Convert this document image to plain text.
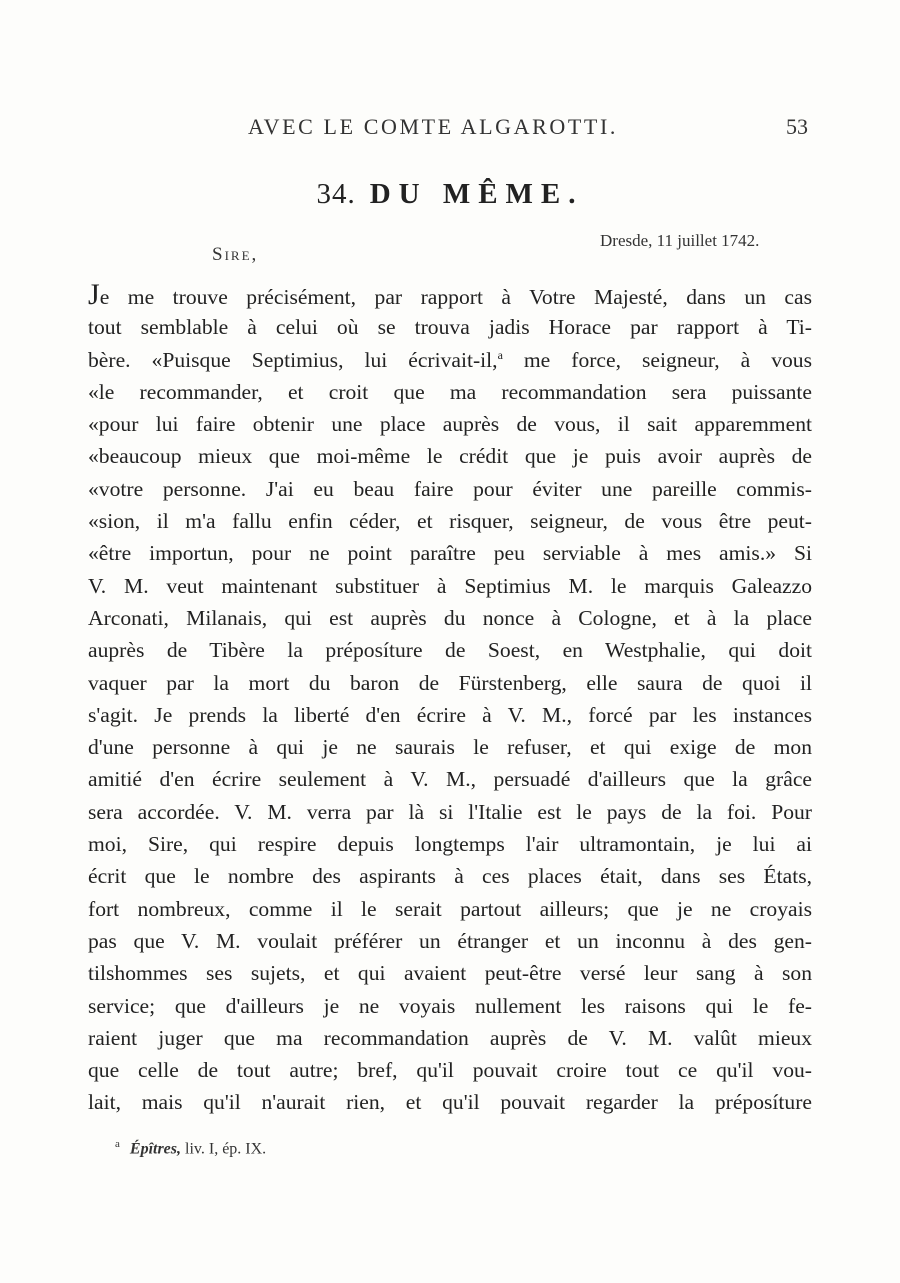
AVEC LE COMTE ALGAROTTI.	53
34. DU MÊME.
Dresde, 11 juillet 1742.
Sire,
Je me trouve précisément, par rapport à Votre Majesté, dans un cas
tout semblable à celui où se trouva jadis Horace par rapport à Ti-
bère. «Puisque Septimius, lui écrivait-il,$^a$ me force, seigneur, à vous
«le recommander, et croit que ma recommandation sera puissante
«pour lui faire obtenir une place auprès de vous, il sait apparemment
«beaucoup mieux que moi-même le crédit que je puis avoir auprès de
«votre personne. J'ai eu beau faire pour éviter une pareille commis-
«sion, il m'a fallu enfin céder, et risquer, seigneur, de vous être peut-
«être importun, pour ne point paraître peu serviable à mes amis.» Si
V. M. veut maintenant substituer à Septimius M. le marquis Galeazzo
Arconati, Milanais, qui est auprès du nonce à Cologne, et à la place
auprès de Tibère la préposíture de Soest, en Westphalie, qui doit
vaquer par la mort du baron de Fürstenberg, elle saura de quoi il
s'agit. Je prends la liberté d'en écrire à V. M., forcé par les instances
d'une personne à qui je ne saurais le refuser, et qui exige de mon
amitié d'en écrire seulement à V. M., persuadé d'ailleurs que la grâce
sera accordée. V. M. verra par là si l'Italie est le pays de la foi. Pour
moi, Sire, qui respire depuis longtemps l'air ultramontain, je lui ai
écrit que le nombre des aspirants à ces places était, dans ses États,
fort nombreux, comme il le serait partout ailleurs; que je ne croyais
pas que V. M. voulait préférer un étranger et un inconnu à des gen-
tilshommes ses sujets, et qui avaient peut-être versé leur sang à son
service; que d'ailleurs je ne voyais nullement les raisons qui le fe-
raient juger que ma recommandation auprès de V. M. valût mieux
que celle de tout autre; bref, qu'il pouvait croire tout ce qu'il vou-
lait, mais qu'il n'aurait rien, et qu'il pouvait regarder la préposíture
$^a$ Épîtres, liv. I, ép. IX.
